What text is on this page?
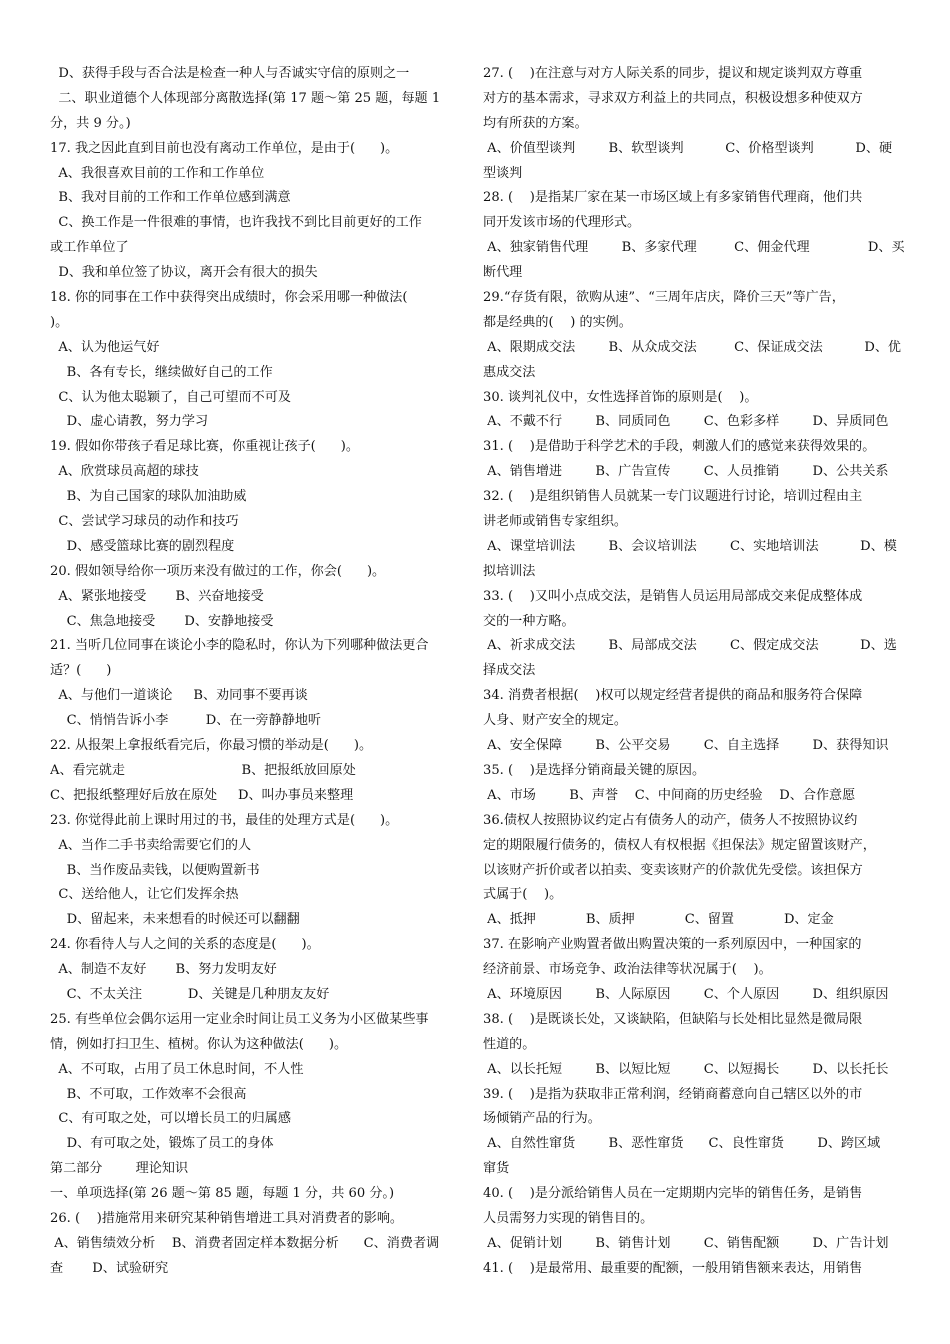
D、获得手段与否合法是检查一种人与否诚实守信的原则之一
二、职业道德个人体现部分离散选择(第 17 题～第 25 题，每题 1
分，共 9 分。)
17. 我之因此直到目前也没有离动工作单位，是由于(      )。
A、我很喜欢目前的工作和工作单位
B、我对目前的工作和工作单位感到满意
C、换工作是一件很难的事情，也许我找不到比目前更好的工作
或工作单位了
D、我和单位签了协议，离开会有很大的损失
18. 你的同事在工作中获得突出成绩时，你会采用哪一种做法(
)。
A、认为他运气好
B、各有专长，继续做好自己的工作
C、认为他太聪颖了，自己可望而不可及
D、虚心请教，努力学习
19. 假如你带孩子看足球比赛，你重视让孩子(      )。
A、欣赏球员高超的球技
B、为自己国家的球队加油助威
C、尝试学习球员的动作和技巧
D、感受篮球比赛的剧烈程度
20. 假如领导给你一项历来没有做过的工作，你会(      )。
A、紧张地接受       B、兴奋地接受
C、焦急地接受       D、安静地接受
21. 当听几位同事在谈论小李的隐私时，你认为下列哪种做法更合
适？(      )
A、与他们一道谈论     B、劝同事不要再谈
C、悄悄告诉小李         D、在一旁静静地听
22. 从报架上拿报纸看完后，你最习惯的举动是(      )。
A、看完就走                            B、把报纸放回原处
C、把报纸整理好后放在原处     D、叫办事员来整理
23. 你觉得此前上课时用过的书，最佳的处理方式是(      )。
A、当作二手书卖给需要它们的人
B、当作废品卖钱，以便购置新书
C、送给他人，让它们发挥余热
D、留起来，未来想看的时候还可以翻翻
24. 你看待人与人之间的关系的态度是(      )。
A、制造不友好       B、努力发明友好
C、不太关注           D、关键是几种朋友友好
25. 有些单位会偶尔运用一定业余时间让员工义务为小区做某些事
情，例如打扫卫生、植树。你认为这种做法(      )。
A、不可取，占用了员工休息时间，不人性
B、不可取，工作效率不会很高
C、有可取之处，可以增长员工的归属感
D、有可取之处，锻炼了员工的身体
第二部分        理论知识
一、单项选择(第 26 题～第 85 题，每题 1 分，共 60 分。)
26. (    )措施常用来研究某种销售增进工具对消费者的影响。
A、销售绩效分析    B、消费者固定样本数据分析      C、消费者调
查       D、试验研究
27. (    )在注意与对方人际关系的同步，提议和规定谈判双方尊重
对方的基本需求，寻求双方利益上的共同点，积极设想多种使双方
均有所获的方案。
A、价值型谈判        B、软型谈判          C、价格型谈判          D、硬
型谈判
28. (    )是指某厂家在某一市场区域上有多家销售代理商，他们共
同开发该市场的代理形式。
A、独家销售代理        B、多家代理         C、佣金代理              D、买
断代理
29.“存货有限，欲购从速”、“三周年店庆，降价三天”等广告，
都是经典的(    ) 的实例。
A、限期成交法        B、从众成交法         C、保证成交法          D、优
惠成交法
30. 谈判礼仪中，女性选择首饰的原则是(    )。
A、不戴不行        B、同质同色        C、色彩多样        D、异质同色
31. (    )是借助于科学艺术的手段，刺激人们的感觉来获得效果的。
A、销售增进        B、广告宣传        C、人员推销        D、公共关系
32. (    )是组织销售人员就某一专门议题进行讨论，培训过程由主
讲老师或销售专家组织。
A、课堂培训法        B、会议培训法        C、实地培训法          D、模
拟培训法
33. (    )又叫小点成交法，是销售人员运用局部成交来促成整体成
交的一种方略。
A、祈求成交法        B、局部成交法        C、假定成交法          D、选
择成交法
34. 消费者根据(    )权可以规定经营者提供的商品和服务符合保障
人身、财产安全的规定。
A、安全保障        B、公平交易        C、自主选择        D、获得知识
35. (    )是选择分销商最关键的原因。
A、市场        B、声誉    C、中间商的历史经验    D、合作意愿
36.债权人按照协议约定占有债务人的动产，债务人不按照协议约
定的期限履行债务的，债权人有权根据《担保法》规定留置该财产，
以该财产折价或者以拍卖、变卖该财产的价款优先受偿。该担保方
式属于(    )。
A、抵押            B、质押            C、留置            D、定金
37. 在影响产业购置者做出购置决策的一系列原因中，一种国家的
经济前景、市场竞争、政治法律等状况属于(    )。
A、环境原因        B、人际原因        C、个人原因        D、组织原因
38. (    )是既谈长处，又谈缺陷，但缺陷与长处相比显然是微局限
性道的。
A、以长托短        B、以短比短        C、以短揭长        D、以长托长
39. (    )是指为获取非正常利润，经销商蓄意向自己辖区以外的市
场倾销产品的行为。
A、自然性窜货        B、恶性窜货      C、良性窜货        D、跨区域
窜货
40. (    )是分派给销售人员在一定期期内完毕的销售任务，是销售
人员需努力实现的销售目的。
A、促销计划        B、销售计划        C、销售配额        D、广告计划
41. (    )是最常用、最重要的配额，一般用销售额来表达，用销售
